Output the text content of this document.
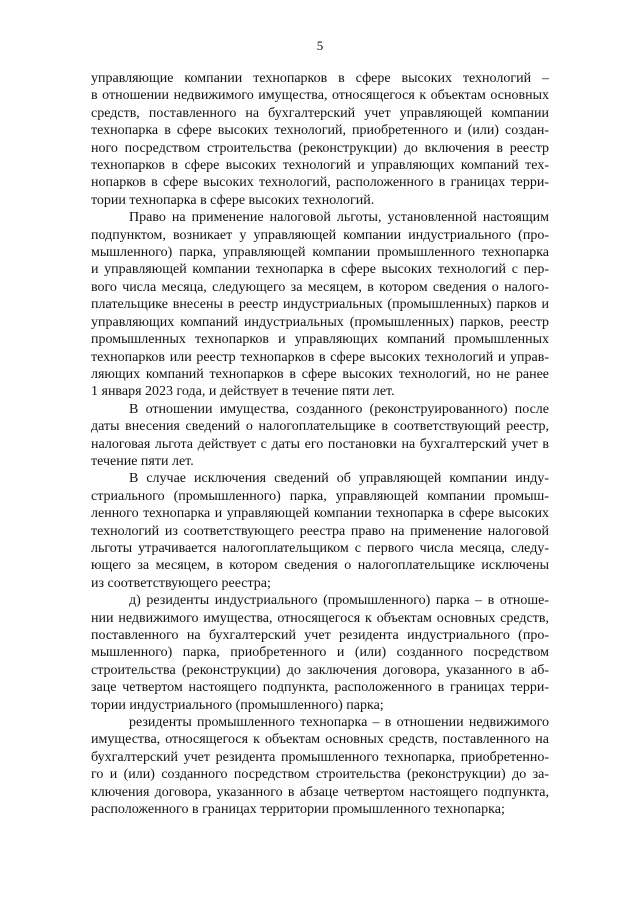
5

управляющие компании технопарков в сфере высоких технологий –
в отношении недвижимого имущества, относящегося к объектам основных
средств, поставленного на бухгалтерский учет управляющей компании
технопарка в сфере высоких технологий, приобретенного и (или) создан-
ного посредством строительства (реконструкции) до включения в реестр
технопарков в сфере высоких технологий и управляющих компаний тех-
нопарков в сфере высоких технологий, расположенного в границах терри-
тории технопарка в сфере высоких технологий.

Право на применение налоговой льготы, установленной настоящим
подпунктом, возникает у управляющей компании индустриального (про-
мышленного) парка, управляющей компании промышленного технопарка
и управляющей компании технопарка в сфере высоких технологий с пер-
вого числа месяца, следующего за месяцем, в котором сведения о налого-
плательщике внесены в реестр индустриальных (промышленных) парков и
управляющих компаний индустриальных (промышленных) парков, реестр
промышленных технопарков и управляющих компаний промышленных
технопарков или реестр технопарков в сфере высоких технологий и управ-
ляющих компаний технопарков в сфере высоких технологий, но не ранее
1 января 2023 года, и действует в течение пяти лет.

В отношении имущества, созданного (реконструированного) после
даты внесения сведений о налогоплательщике в соответствующий реестр,
налоговая льгота действует с даты его постановки на бухгалтерский учет в
течение пяти лет.

В случае исключения сведений об управляющей компании инду-
стриального (промышленного) парка, управляющей компании промыш-
ленного технопарка и управляющей компании технопарка в сфере высоких
технологий из соответствующего реестра право на применение налоговой
льготы утрачивается налогоплательщиком с первого числа месяца, следу-
ющего за месяцем, в котором сведения о налогоплательщике исключены
из соответствующего реестра;

д) резиденты индустриального (промышленного) парка – в отноше-
нии недвижимого имущества, относящегося к объектам основных средств,
поставленного на бухгалтерский учет резидента индустриального (про-
мышленного) парка, приобретенного и (или) созданного посредством
строительства (реконструкции) до заключения договора, указанного в аб-
заце четвертом настоящего подпункта, расположенного в границах терри-
тории индустриального (промышленного) парка;

резиденты промышленного технопарка – в отношении недвижимого
имущества, относящегося к объектам основных средств, поставленного на
бухгалтерский учет резидента промышленного технопарка, приобретенно-
го и (или) созданного посредством строительства (реконструкции) до за-
ключения договора, указанного в абзаце четвертом настоящего подпункта,
расположенного в границах территории промышленного технопарка;
